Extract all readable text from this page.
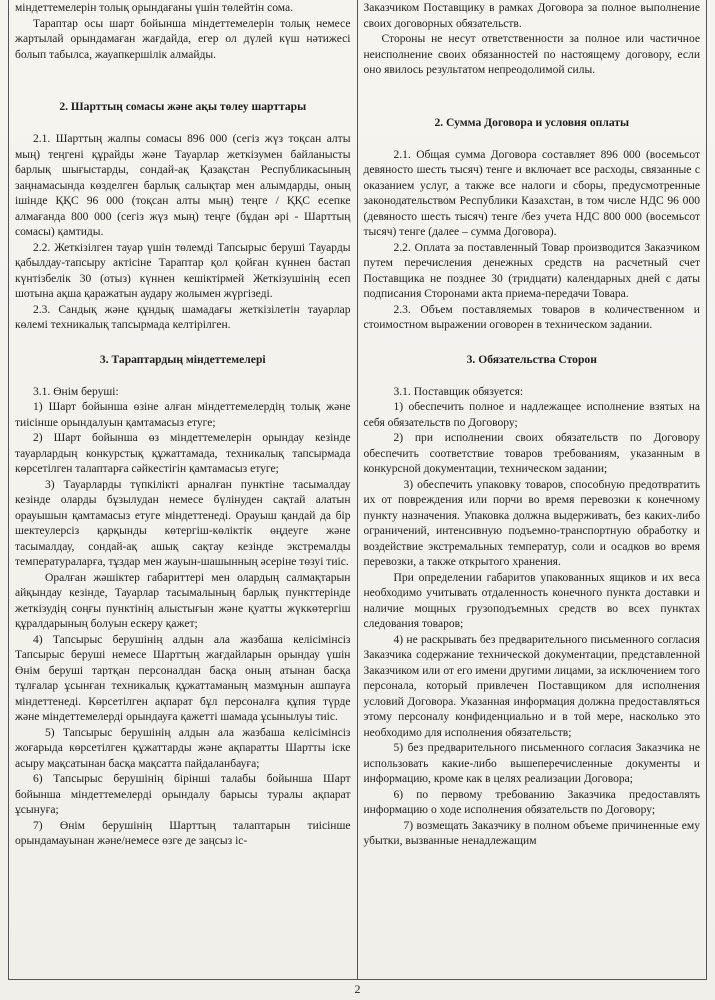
міндеттемелерін толық орындағаны үшін төлейтін сома.

Тараптар осы шарт бойынша міндеттемелерін толық немесе жартылай орындамаған жағдайда, егер ол дүлей күш нәтижесі болып табылса, жауапкершілік алмайды.

2. Шарттың сомасы және ақы төлеу шарттары

2.1. Шарттың жалпы сомасы 896 000 (сегіз жүз тоқсан алты мың) теңгені құрайды және Тауарлар жеткізумен байланысты барлық шығыстарды, сондай-ақ Қазақстан Республикасының заңнамасында көзделген барлық салықтар мен алымдарды, оның ішінде ҚҚС 96 000 (тоқсан алты мың) теңге / ҚҚС есепке алмағанда 800 000 (сегіз жүз мың) теңге (бұдан әрі - Шарттың сомасы) қамтиды.

2.2. Жеткізілген тауар үшін төлемді Тапсырыс беруші Тауарды қабылдау-тапсыру актісіне Тараптар қол қойған күннен бастап күнтізбелік 30 (отыз) күннен кешіктірмей Жеткізушінің есеп шотына ақша қаражатын аудару жолымен жүргізеді.

2.3. Сандық және құндық шамадағы жеткізілетін тауарлар көлемі техникалық тапсырмада келтірілген.

3. Тараптардың міндеттемелері

3.1. Өнім беруші:

1) Шарт бойынша өзіне алған міндеттемелердің толық және тиісінше орындалуын қамтамасыз етуге;

2) Шарт бойынша өз міндеттемелерін орындау кезінде тауарлардың конкурстық құжаттамада, техникалық тапсырмада көрсетілген талаптарға сәйкестігін қамтамасыз етуге;

3) Тауарларды түпкілікті арналған пунктіне тасымалдау кезінде оларды бұзылудан немесе бүлінуден сақтай алатын орауышын қамтамасыз етуге міндеттенеді. Орауыш қандай да бір шектеулерсіз қарқынды көтергіш-көліктік өңдеуге және тасымалдау, сондай-ақ ашық сақтау кезінде экстремалды температураларға, тұздар мен жауын-шашынның әсеріне төзуі тиіс.

Оралған жәшіктер габариттері мен олардың салмақтарын айқындау кезінде, Тауарлар тасымалының барлық пункттерінде жеткізудің соңғы пунктінің алыстығын және қуатты жүккөтергіш құралдарының болуын ескеру қажет;

4) Тапсырыс берушінің алдын ала жазбаша келісімінсіз Тапсырыс беруші немесе Шарттың жағдайларын орындау үшін Өнім беруші тартқан персоналдан басқа оның атынан басқа тұлғалар ұсынған техникалық құжаттаманың мазмұнын ашпауға міндеттенеді. Көрсетілген ақпарат бұл персоналға құпия түрде және міндеттемелерді орындауға қажетті шамада ұсынылуы тиіс.

5) Тапсырыс берушінің алдын ала жазбаша келісімінсіз жоғарыда көрсетілген құжаттарды және ақпаратты Шартты іске асыру мақсатынан басқа мақсатта пайдаланбауға;

6) Тапсырыс берушінің бірінші талабы бойынша Шарт бойынша міндеттемелерді орындалу барысы туралы ақпарат ұсынуға;

7) Өнім берушінің Шарттың талаптарын тиісінше орындамауынан және/немесе өзге де заңсыз іс-

Заказчиком Поставщику в рамках Договора за полное выполнение своих договорных обязательств.

Стороны не несут ответственности за полное или частичное неисполнение своих обязанностей по настоящему договору, если оно явилось результатом непреодолимой силы.

2. Сумма Договора и условия оплаты

2.1. Общая сумма Договора составляет 896 000 (восемьсот девяносто шесть тысяч) тенге и включает все расходы, связанные с оказанием услуг, а также все налоги и сборы, предусмотренные законодательством Республики Казахстан, в том числе НДС 96 000 (девяносто шесть тысяч) тенге /без учета НДС 800 000 (восемьсот тысяч) тенге (далее – сумма Договора).

2.2. Оплата за поставленный Товар производится Заказчиком путем перечисления денежных средств на расчетный счет Поставщика не позднее 30 (тридцати) календарных дней с даты подписания Сторонами акта приема-передачи Товара.

2.3. Объем поставляемых товаров в количественном и стоимостном выражении оговорен в техническом задании.

3. Обязательства Сторон

3.1. Поставщик обязуется:

1) обеспечить полное и надлежащее исполнение взятых на себя обязательств по Договору;

2) при исполнении своих обязательств по Договору обеспечить соответствие товаров требованиям, указанным в конкурсной документации, техническом задании;

3) обеспечить упаковку товаров, способную предотвратить их от повреждения или порчи во время перевозки к конечному пункту назначения. Упаковка должна выдерживать, без каких-либо ограничений, интенсивную подъемно-транспортную обработку и воздействие экстремальных температур, соли и осадков во время перевозки, а также открытого хранения.

При определении габаритов упакованных ящиков и их веса необходимо учитывать отдаленность конечного пункта доставки и наличие мощных грузоподъемных средств во всех пунктах следования товаров;

4) не раскрывать без предварительного письменного согласия Заказчика содержание технической документации, представленной Заказчиком или от его имени другими лицами, за исключением того персонала, который привлечен Поставщиком для исполнения условий Договора. Указанная информация должна предоставляться этому персоналу конфиденциально и в той мере, насколько это необходимо для исполнения обязательств;

5) без предварительного письменного согласия Заказчика не использовать какие-либо вышеперечисленные документы и информацию, кроме как в целях реализации Договора;

6) по первому требованию Заказчика предоставлять информацию о ходе исполнения обязательств по Договору;

7) возмещать Заказчику в полном объеме причиненные ему убытки, вызванные ненадлежащим

2
